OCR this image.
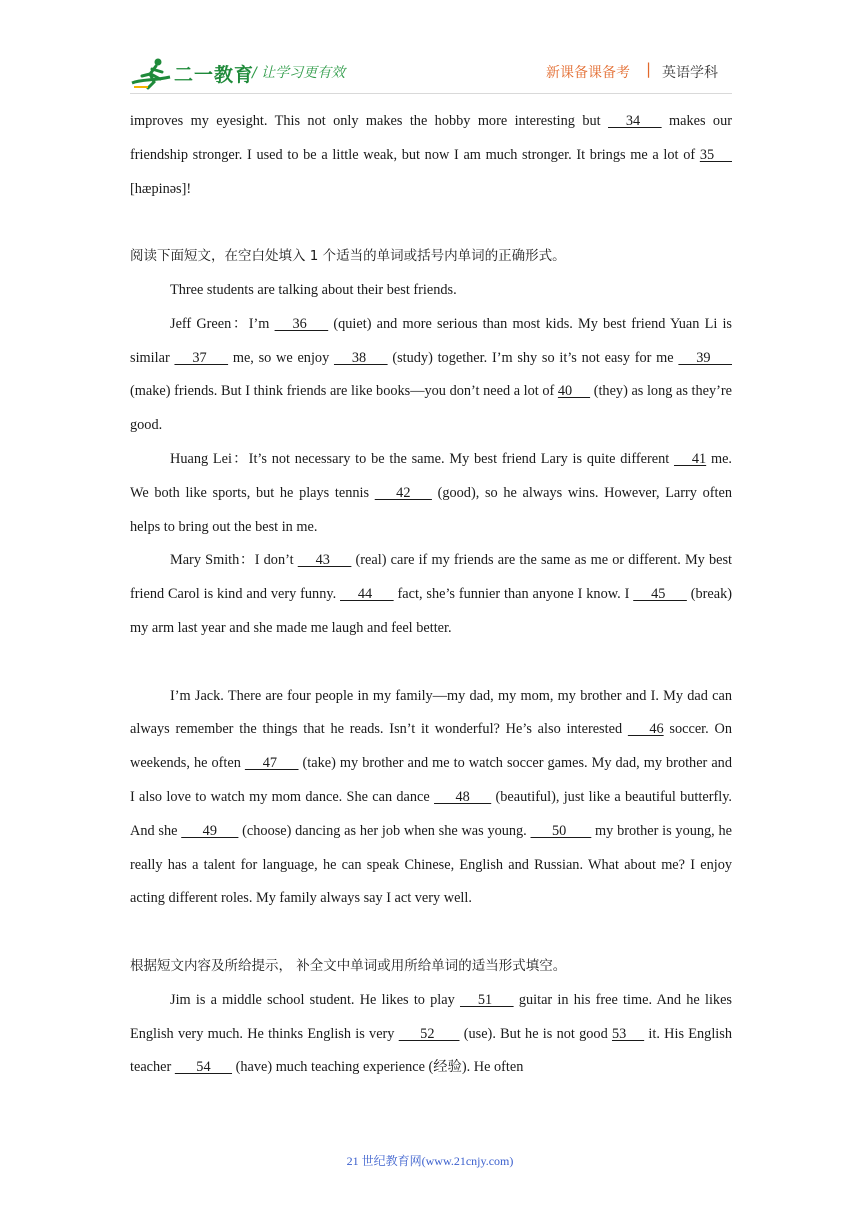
二一教育
/ 让学习更有效	新课备课备考 | 英语学科

improves my eyesight. This not only makes the hobby more interesting but      34       makes our friendship stronger. I used to be a little weak, but now I am much stronger. It brings me a lot of 35     [hæpinəs]!

阅读下面短文，在空白处填入 1 个适当的单词或括号内单词的正确形式。

Three students are talking about their best friends.

Jeff Green：I’m      36       (quiet) and more serious than most kids. My best friend Yuan Li is similar      37       me, so we enjoy      38       (study) together. I’m shy so it’s not easy for me      39       (make) friends. But I think friends are like books—you don’t need a lot of 40      (they) as long as they’re good.

Huang Lei：It’s not necessary to be the same. My best friend Lary is quite different      41 me. We both like sports, but he plays tennis       42       (good), so he always wins. However, Larry often helps to bring out the best in me.

Mary Smith：I don’t      43       (real) care if my friends are the same as me or different. My best friend Carol is kind and very funny.      44       fact, she’s funnier than anyone I know. I      45       (break) my arm last year and she made me laugh and feel better.

I’m Jack. There are four people in my family—my dad, my mom, my brother and I. My dad can always remember the things that he reads. Isn’t it wonderful? He’s also interested       46 soccer. On weekends, he often      47       (take) my brother and me to watch soccer games. My dad, my brother and I also love to watch my mom dance. She can dance       48       (beautiful), just like a beautiful butterfly. And she       49       (choose) dancing as her job when she was young.       50        my brother is young, he really has a talent for language, he can speak Chinese, English and Russian. What about me? I enjoy acting different roles. My family always say I act very well.

根据短文内容及所给提示， 补全文中单词或用所给单词的适当形式填空。

Jim is a middle school student. He likes to play      51       guitar in his free time. And he likes English very much. He thinks English is very       52        (use). But he is not good 53      it. His English teacher       54       (have) much teaching experience (经验). He often

21 世纪教育网(www.21cnjy.com)
